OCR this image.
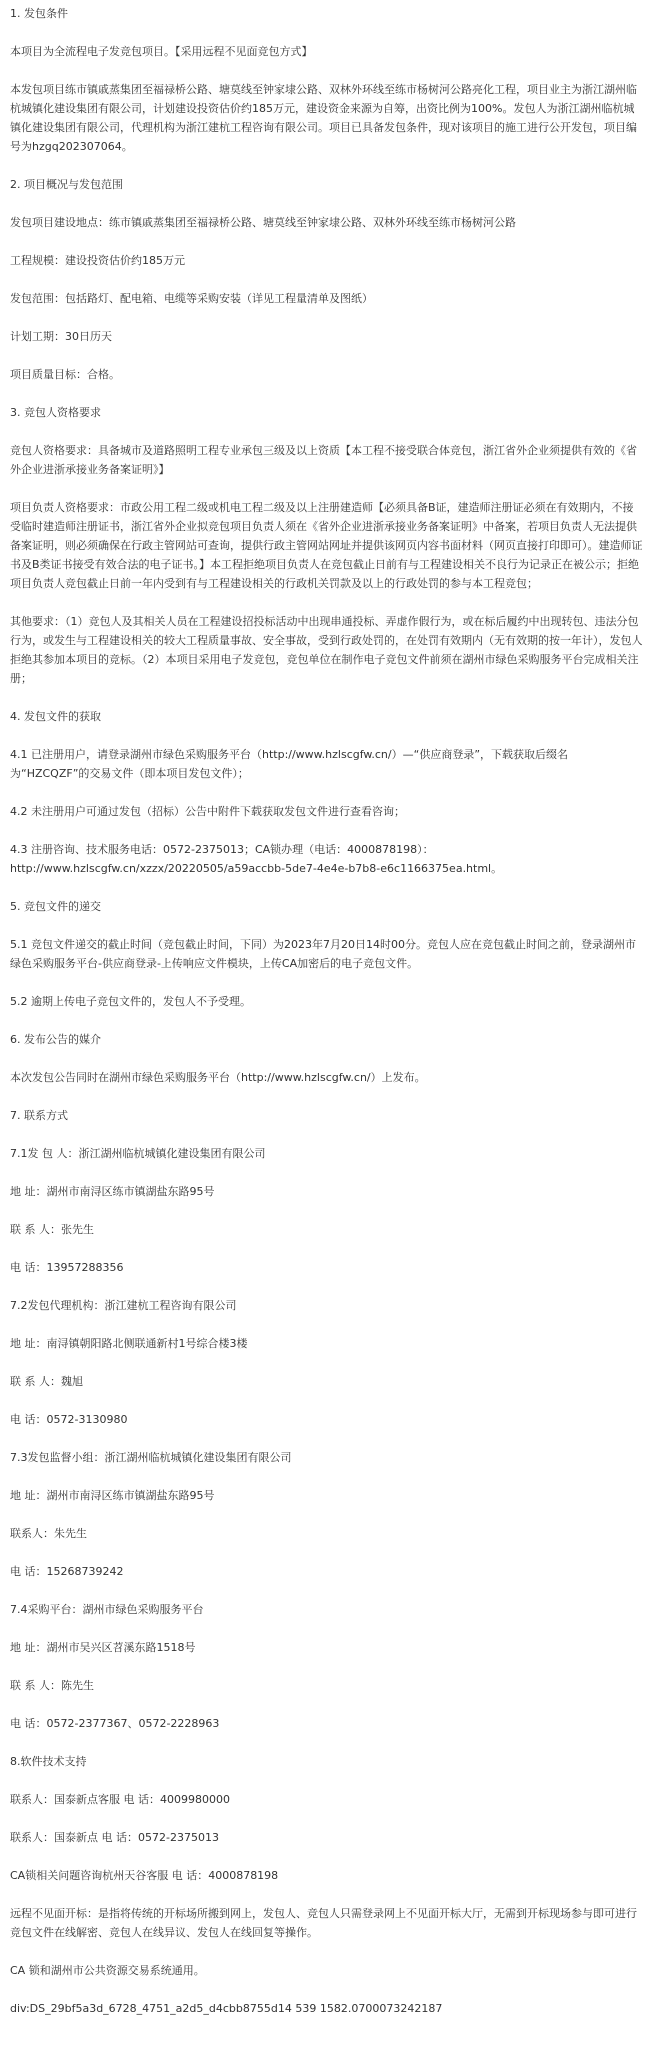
1. 发包条件

本项目为全流程电子发竞包项目。【采用远程不见面竞包方式】

本发包项目练市镇戚蒸集团至福禄桥公路、塘莫线至钟家埭公路、双林外环线至练市杨树河公路亮化工程，项目业主为浙江湖州临杭城镇化建设集团有限公司，计划建设投资估价约185万元，建设资金来源为自筹，出资比例为100%。发包人为浙江湖州临杭城镇化建设集团有限公司，代理机构为浙江建杭工程咨询有限公司。项目已具备发包条件，现对该项目的施工进行公开发包，项目编号为hzgq202307064。

2. 项目概况与发包范围

发包项目建设地点：练市镇戚蒸集团至福禄桥公路、塘莫线至钟家埭公路、双林外环线至练市杨树河公路

工程规模：建设投资估价约185万元

发包范围：包括路灯、配电箱、电缆等采购安装（详见工程量清单及图纸）

计划工期：30日历天

项目质量目标：合格。

3. 竞包人资格要求

竞包人资格要求：具备城市及道路照明工程专业承包三级及以上资质【本工程不接受联合体竞包，浙江省外企业须提供有效的《省外企业进浙承接业务备案证明》】

项目负责人资格要求：市政公用工程二级或机电工程二级及以上注册建造师【必须具备B证，建造师注册证必须在有效期内，不接受临时建造师注册证书，浙江省外企业拟竞包项目负责人须在《省外企业进浙承接业务备案证明》中备案，若项目负责人无法提供备案证明，则必须确保在行政主管网站可查询，提供行政主管网站网址并提供该网页内容书面材料（网页直接打印即可）。建造师证书及B类证书接受有效合法的电子证书。】本工程拒绝项目负责人在竞包截止日前有与工程建设相关不良行为记录正在被公示；拒绝项目负责人竞包截止日前一年内受到有与工程建设相关的行政机关罚款及以上的行政处罚的参与本工程竞包；

其他要求：（1）竞包人及其相关人员在工程建设招投标活动中出现串通投标、弄虚作假行为，或在标后履约中出现转包、违法分包行为，或发生与工程建设相关的较大工程质量事故、安全事故，受到行政处罚的，在处罚有效期内（无有效期的按一年计），发包人拒绝其参加本项目的竞标。（2）本项目采用电子发竞包，竞包单位在制作电子竞包文件前须在湖州市绿色采购服务平台完成相关注册；

4. 发包文件的获取

4.1 已注册用户，请登录湖州市绿色采购服务平台（http://www.hzlscgfw.cn/）—“供应商登录”，下载获取后缀名为“HZCQZF”的交易文件（即本项目发包文件）；

4.2 未注册用户可通过发包（招标）公告中附件下载获取发包文件进行查看咨询；

4.3 注册咨询、技术服务电话：0572-2375013；CA锁办理（电话：4000878198）：http://www.hzlscgfw.cn/xzzx/20220505/a59accbb-5de7-4e4e-b7b8-e6c1166375ea.html。

5. 竞包文件的递交

5.1 竞包文件递交的截止时间（竞包截止时间，下同）为2023年7月20日14时00分。竞包人应在竞包截止时间之前，登录湖州市绿色采购服务平台-供应商登录-上传响应文件模块，上传CA加密后的电子竞包文件。

5.2 逾期上传电子竞包文件的，发包人不予受理。

6. 发布公告的媒介

本次发包公告同时在湖州市绿色采购服务平台（http://www.hzlscgfw.cn/）上发布。

7. 联系方式

7.1发 包 人：浙江湖州临杭城镇化建设集团有限公司

地 址：湖州市南浔区练市镇湖盐东路95号

联 系 人：张先生

电 话：13957288356

7.2发包代理机构：浙江建杭工程咨询有限公司

地 址：南浔镇朝阳路北侧联通新村1号综合楼3楼

联 系 人：魏旭

电 话：0572-3130980

7.3发包监督小组：浙江湖州临杭城镇化建设集团有限公司

地 址：湖州市南浔区练市镇湖盐东路95号

联系人：朱先生

电 话：15268739242

7.4采购平台：湖州市绿色采购服务平台

地 址：湖州市吴兴区苕溪东路1518号

联 系 人：陈先生

电 话：0572-2377367、0572-2228963

8.软件技术支持

联系人：国泰新点客服 电 话：4009980000

联系人：国泰新点 电 话：0572-2375013

CA锁相关问题咨询杭州天谷客服 电 话：4000878198

远程不见面开标：是指将传统的开标场所搬到网上，发包人、竞包人只需登录网上不见面开标大厅，无需到开标现场参与即可进行竞包文件在线解密、竞包人在线异议、发包人在线回复等操作。

CA 锁和湖州市公共资源交易系统通用。

div:DS_29bf5a3d_6728_4751_a2d5_d4cbb8755d14 539 1582.0700073242187
